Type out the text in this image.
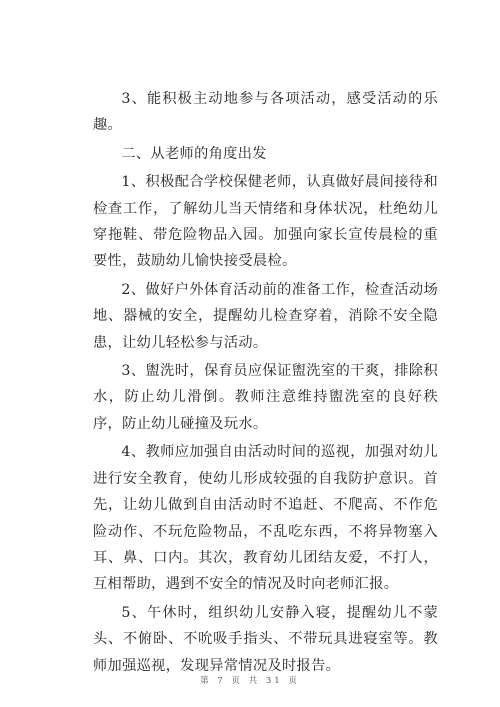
3、能积极主动地参与各项活动，感受活动的乐趣。

二、从老师的角度出发

1、积极配合学校保健老师，认真做好晨间接待和检查工作，了解幼儿当天情绪和身体状况，杜绝幼儿穿拖鞋、带危险物品入园。加强向家长宣传晨检的重要性，鼓励幼儿愉快接受晨检。

2、做好户外体育活动前的准备工作，检查活动场地、器械的安全，提醒幼儿检查穿着，消除不安全隐患，让幼儿轻松参与活动。

3、盥洗时，保育员应保证盥洗室的干爽，排除积水，防止幼儿滑倒。教师注意维持盥洗室的良好秩序，防止幼儿碰撞及玩水。

4、教师应加强自由活动时间的巡视，加强对幼儿进行安全教育，使幼儿形成较强的自我防护意识。首先，让幼儿做到自由活动时不追赶、不爬高、不作危险动作、不玩危险物品，不乱吃东西，不将异物塞入耳、鼻、口内。其次，教育幼儿团结友爱，不打人，互相帮助，遇到不安全的情况及时向老师汇报。

5、午休时，组织幼儿安静入寝，提醒幼儿不蒙头、不俯卧、不吮吸手指头、不带玩具进寝室等。教师加强巡视，发现异常情况及时报告。

第 7 页 共 31 页
